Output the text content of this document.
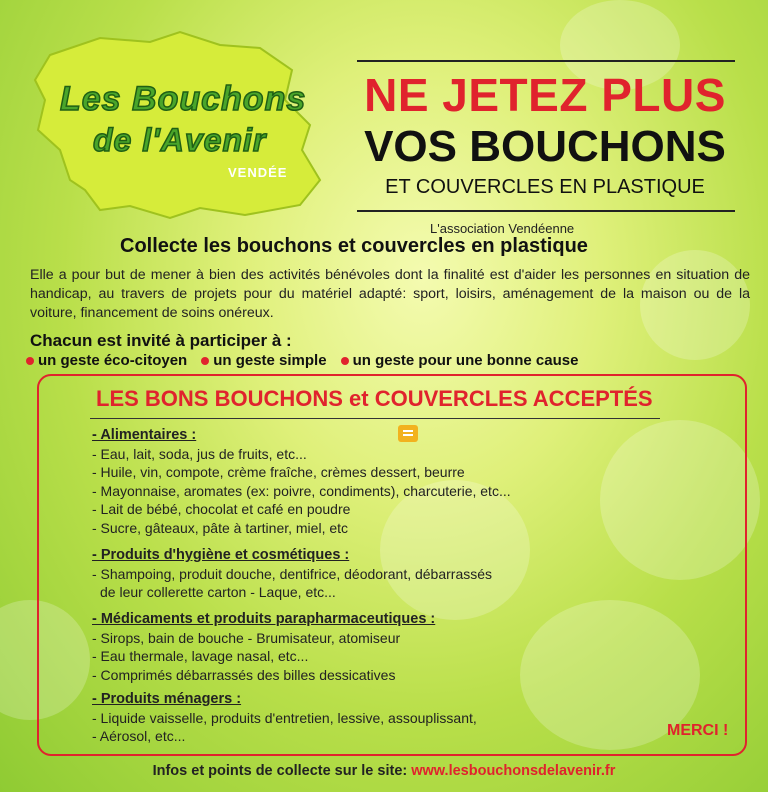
Les Bouchons
de l'Avenir
VENDÉE
NE JETEZ PLUS
VOS BOUCHONS
ET COUVERCLES EN PLASTIQUE
L'association Vendéenne
Collecte les bouchons et couvercles en plastique
Elle a pour but de mener à bien des activités bénévoles dont la finalité est d'aider les personnes en situation de handicap, au travers de projets pour du matériel adapté: sport, loisirs, aménagement de la maison ou de la voiture, financement de soins onéreux.
Chacun est invité à participer à :
un geste éco-citoyen un geste simple un geste pour une bonne cause
LES BONS BOUCHONS et COUVERCLES ACCEPTÉS
- Alimentaires :
- Eau, lait, soda, jus de fruits, etc...
- Huile, vin, compote, crème fraîche, crèmes dessert, beurre
- Mayonnaise, aromates (ex: poivre, condiments), charcuterie, etc...
- Lait de bébé, chocolat et café en poudre
- Sucre, gâteaux, pâte à tartiner, miel, etc
- Produits d'hygiène et cosmétiques :
- Shampoing, produit douche, dentifrice, déodorant, débarrassés
de leur collerette carton - Laque, etc...
- Médicaments et produits parapharmaceutiques :
- Sirops, bain de bouche - Brumisateur, atomiseur
- Eau thermale, lavage nasal, etc...
- Comprimés débarrassés des billes dessicatives
- Produits ménagers :
- Liquide vaisselle, produits d'entretien, lessive, assouplissant,
- Aérosol, etc...	MERCI !
Infos et points de collecte sur le site: www.lesbouchonsdelavenir.fr
